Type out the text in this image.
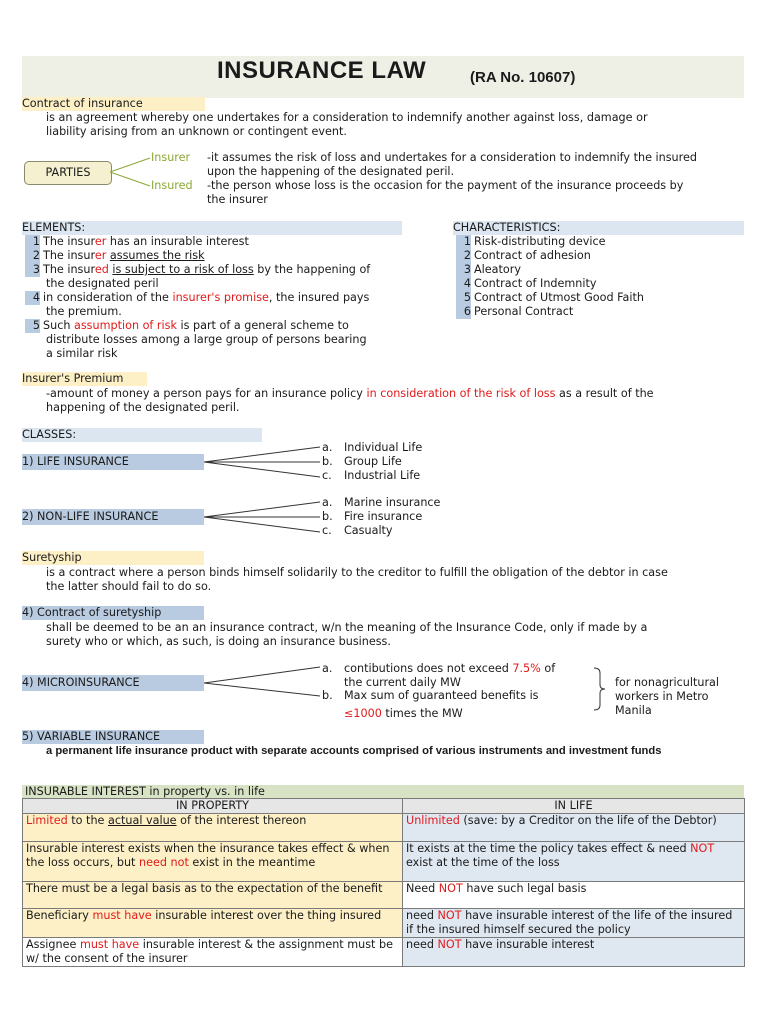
INSURANCE LAW	(RA No. 10607)
Contract of insurance
is an agreement whereby one undertakes for a consideration to indemnify another against loss, damage or
liability arising from an unknown or contingent event.
PARTIES
Insurer -it assumes the risk of loss and undertakes for a consideration to indemnify the insured
upon the happening of the designated peril.
Insured -the person whose loss is the occasion for the payment of the insurance proceeds by
the insurer
ELEMENTS:
1 The insurer has an insurable interest
2 The insurer assumes the risk
3 The insured is subject to a risk of loss by the happening of
the designated peril
4 in consideration of the insurer's promise, the insured pays
the premium.
5 Such assumption of risk is part of a general scheme to
distribute losses among a large group of persons bearing
a similar risk
CHARACTERISTICS:
1 Risk-distributing device
2 Contract of adhesion
3 Aleatory
4 Contract of Indemnity
5 Contract of Utmost Good Faith
6 Personal Contract
Insurer's Premium
-amount of money a person pays for an insurance policy in consideration of the risk of loss as a result of the
happening of the designated peril.
CLASSES:
1) LIFE INSURANCE
a. Individual Life
b. Group Life
c. Industrial Life
2) NON-LIFE INSURANCE
a. Marine insurance
b. Fire insurance
c. Casualty
Suretyship
is a contract where a person binds himself solidarily to the creditor to fulfill the obligation of the debtor in case
the latter should fail to do so.
4) Contract of suretyship
shall be deemed to be an an insurance contract, w/n the meaning of the Insurance Code, only if made by a
surety who or which, as such, is doing an insurance business.
4) MICROINSURANCE
a. contibutions does not exceed 7.5% of
the current daily MW
b. Max sum of guaranteed benefits is
≤1000 times the MW
for nonagricultural
workers in Metro
Manila
5) VARIABLE INSURANCE
a permanent life insurance product with separate accounts comprised of various instruments and investment funds
INSURABLE INTEREST in property vs. in life
IN PROPERTY	IN LIFE
Limited to the actual value of the interest thereon	Unlimited (save: by a Creditor on the life of the Debtor)
Insurable interest exists when the insurance takes effect & when the loss occurs, but need not exist in the meantime	It exists at the time the policy takes effect & need NOT exist at the time of the loss
There must be a legal basis as to the expectation of the benefit	Need NOT have such legal basis
Beneficiary must have insurable interest over the thing insured	need NOT have insurable interest of the life of the insured if the insured himself secured the policy
Assignee must have insurable interest & the assignment must be w/ the consent of the insurer	need NOT have insurable interest
